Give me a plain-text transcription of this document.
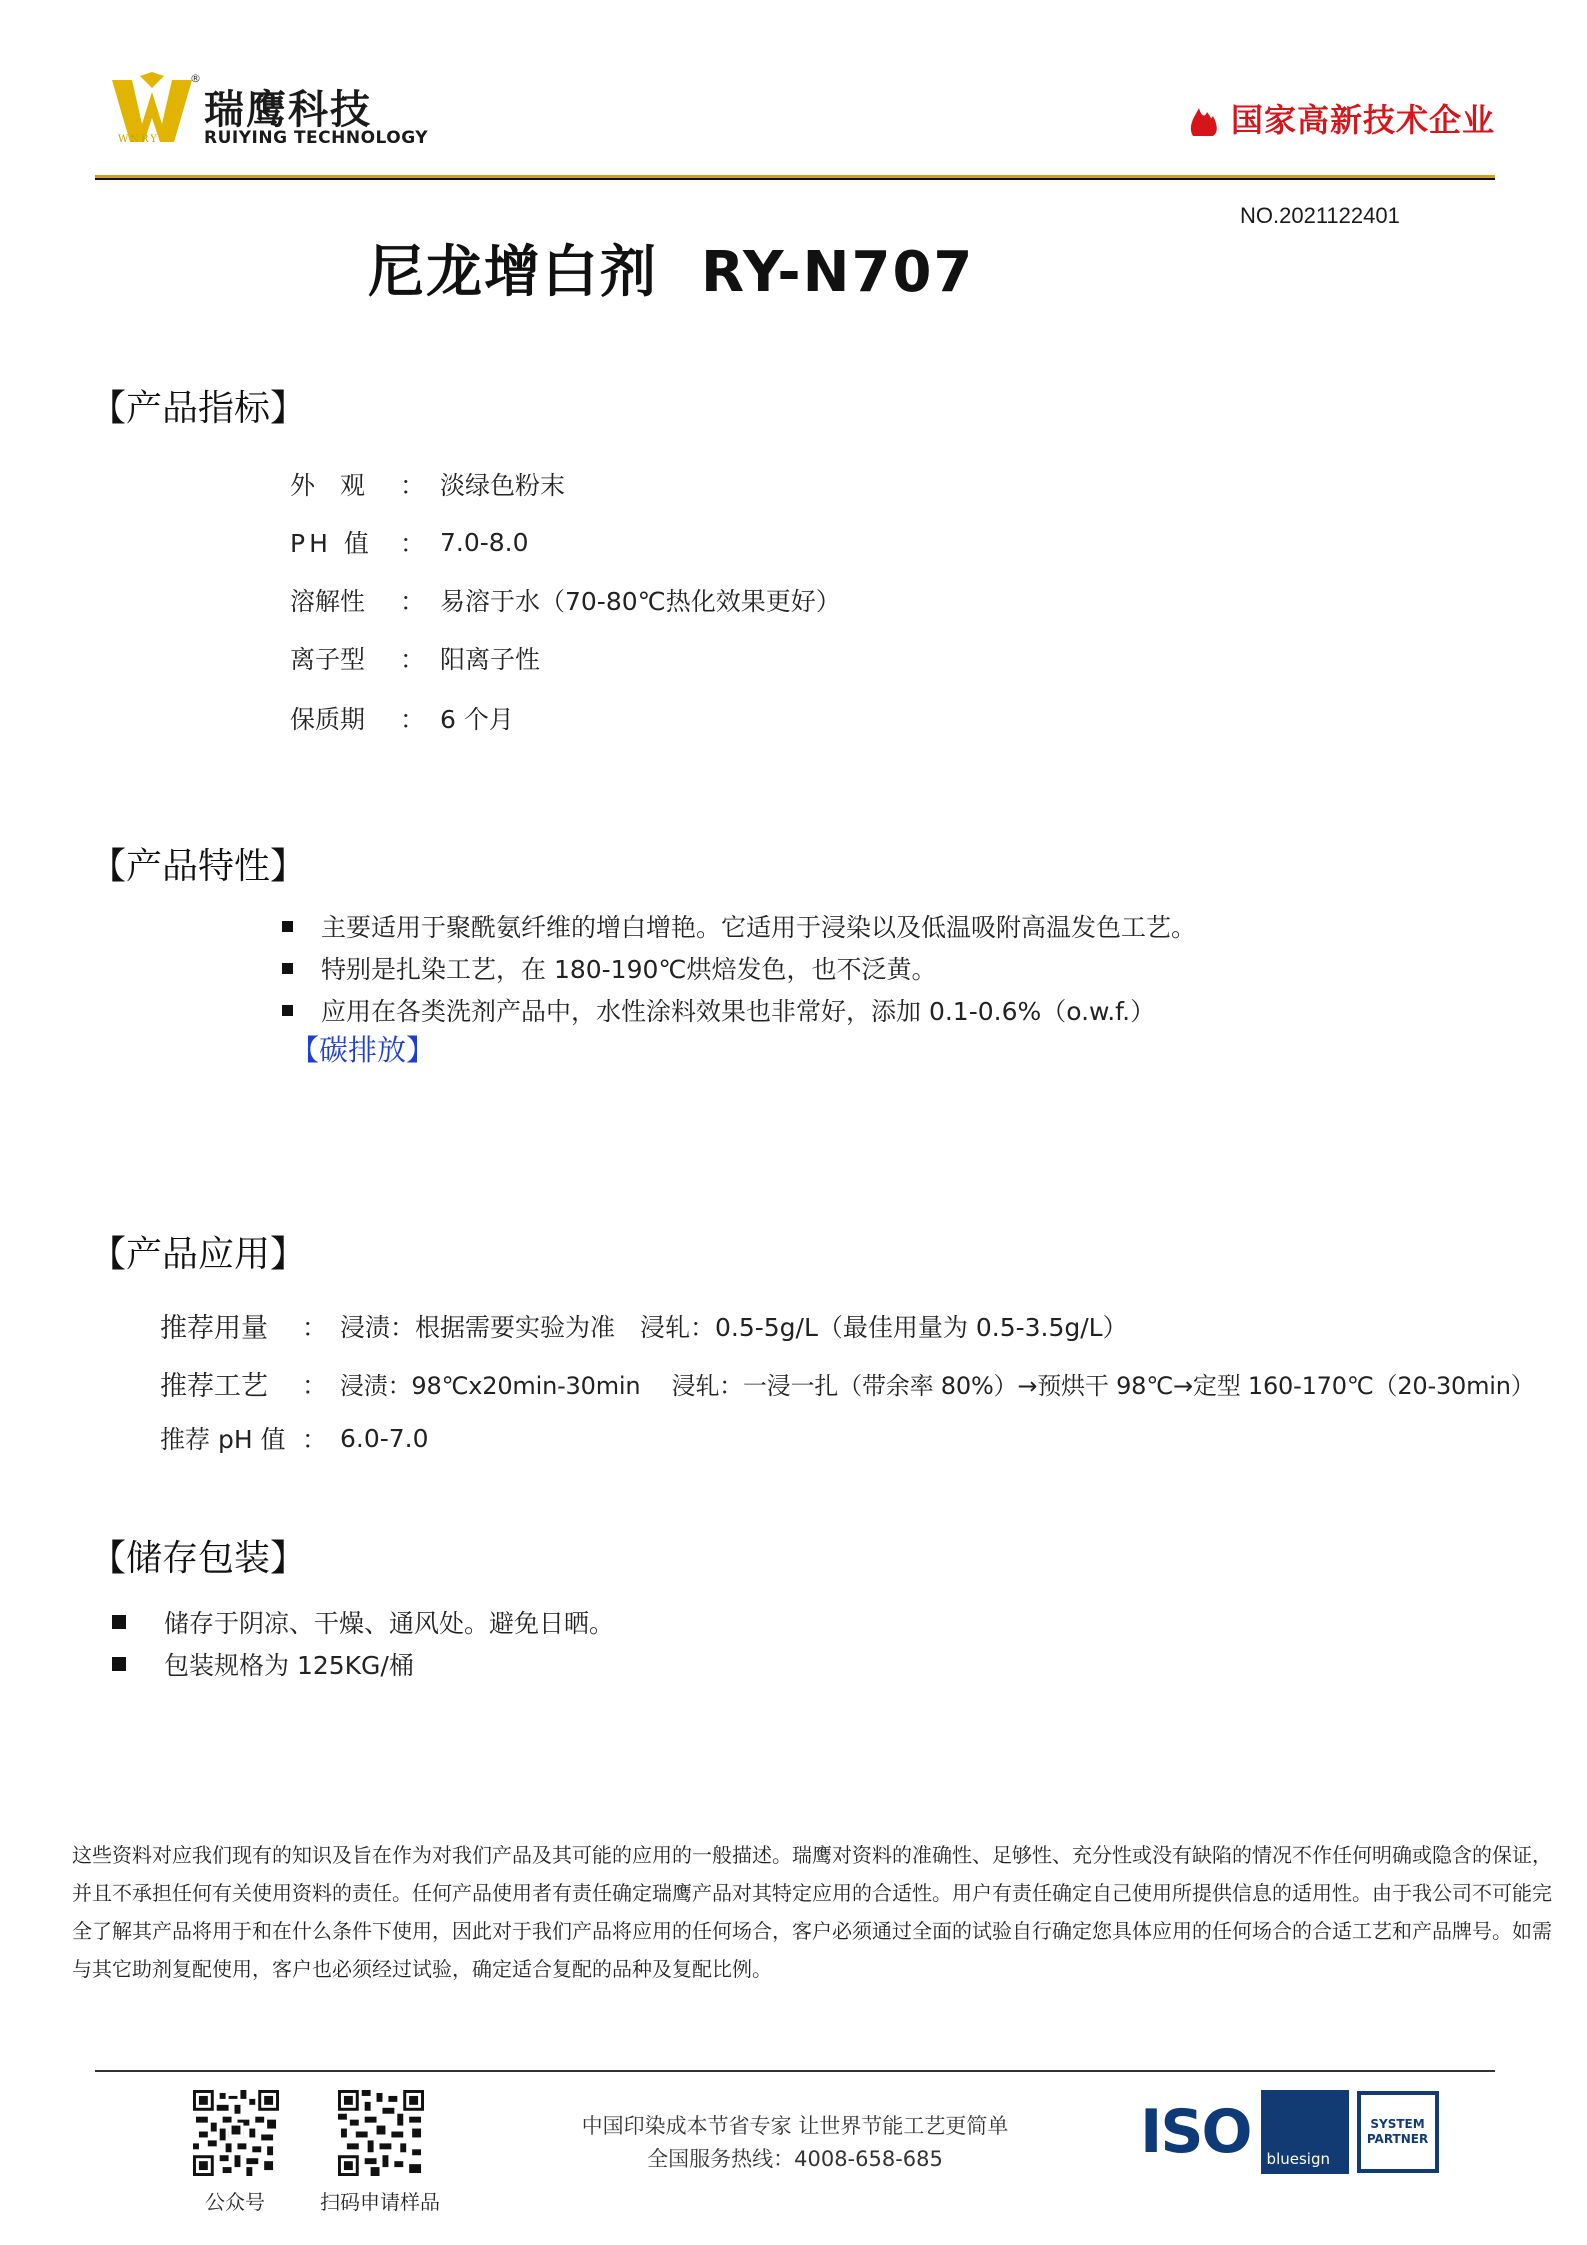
®
WNRY
瑞鹰科技
RUIYING TECHNOLOGY	国家高新技术企业
NO.2021122401
尼龙增白剂  RY-N707
【产品指标】
外　观	： 淡绿色粉末
PH 值	： 7.0-8.0
溶解性	： 易溶于水（70-80℃热化效果更好）
离子型	： 阳离子性
保质期	： 6 个月
【产品特性】
主要适用于聚酰氨纤维的增白增艳。它适用于浸染以及低温吸附高温发色工艺。
特别是扎染工艺，在 180-190℃烘焙发色，也不泛黄。
应用在各类洗剂产品中，水性涂料效果也非常好，添加 0.1-0.6%（o.w.f.）
【碳排放】
【产品应用】
推荐用量	： 浸渍：根据需要实验为准　浸轧：0.5-5g/L（最佳用量为 0.5-3.5g/L）
推荐工艺	： 浸渍：98℃x20min-30min　 浸轧：一浸一扎（带余率 80%）→预烘干 98℃→定型 160-170℃（20-30min）
推荐 pH 值 ： 6.0-7.0
【储存包装】
储存于阴凉、干燥、通风处。避免日晒。
包装规格为 125KG/桶
这些资料对应我们现有的知识及旨在作为对我们产品及其可能的应用的一般描述。瑞鹰对资料的准确性、足够性、充分性或没有缺陷的情况不作任何明确或隐含的保证，并且不承担任何有关使用资料的责任。任何产品使用者有责任确定瑞鹰产品对其特定应用的合适性。用户有责任确定自己使用所提供信息的适用性。由于我公司不可能完全了解其产品将用于和在什么条件下使用，因此对于我们产品将应用的任何场合，客户必须通过全面的试验自行确定您具体应用的任何场合的合适工艺和产品牌号。如需与其它助剂复配使用，客户也必须经过试验，确定适合复配的品种及复配比例。
公众号	扫码申请样品
中国印染成本节省专家 让世界节能工艺更简单
全国服务热线：4008-658-685	ISO bluesign
SYSTEM PARTNER
